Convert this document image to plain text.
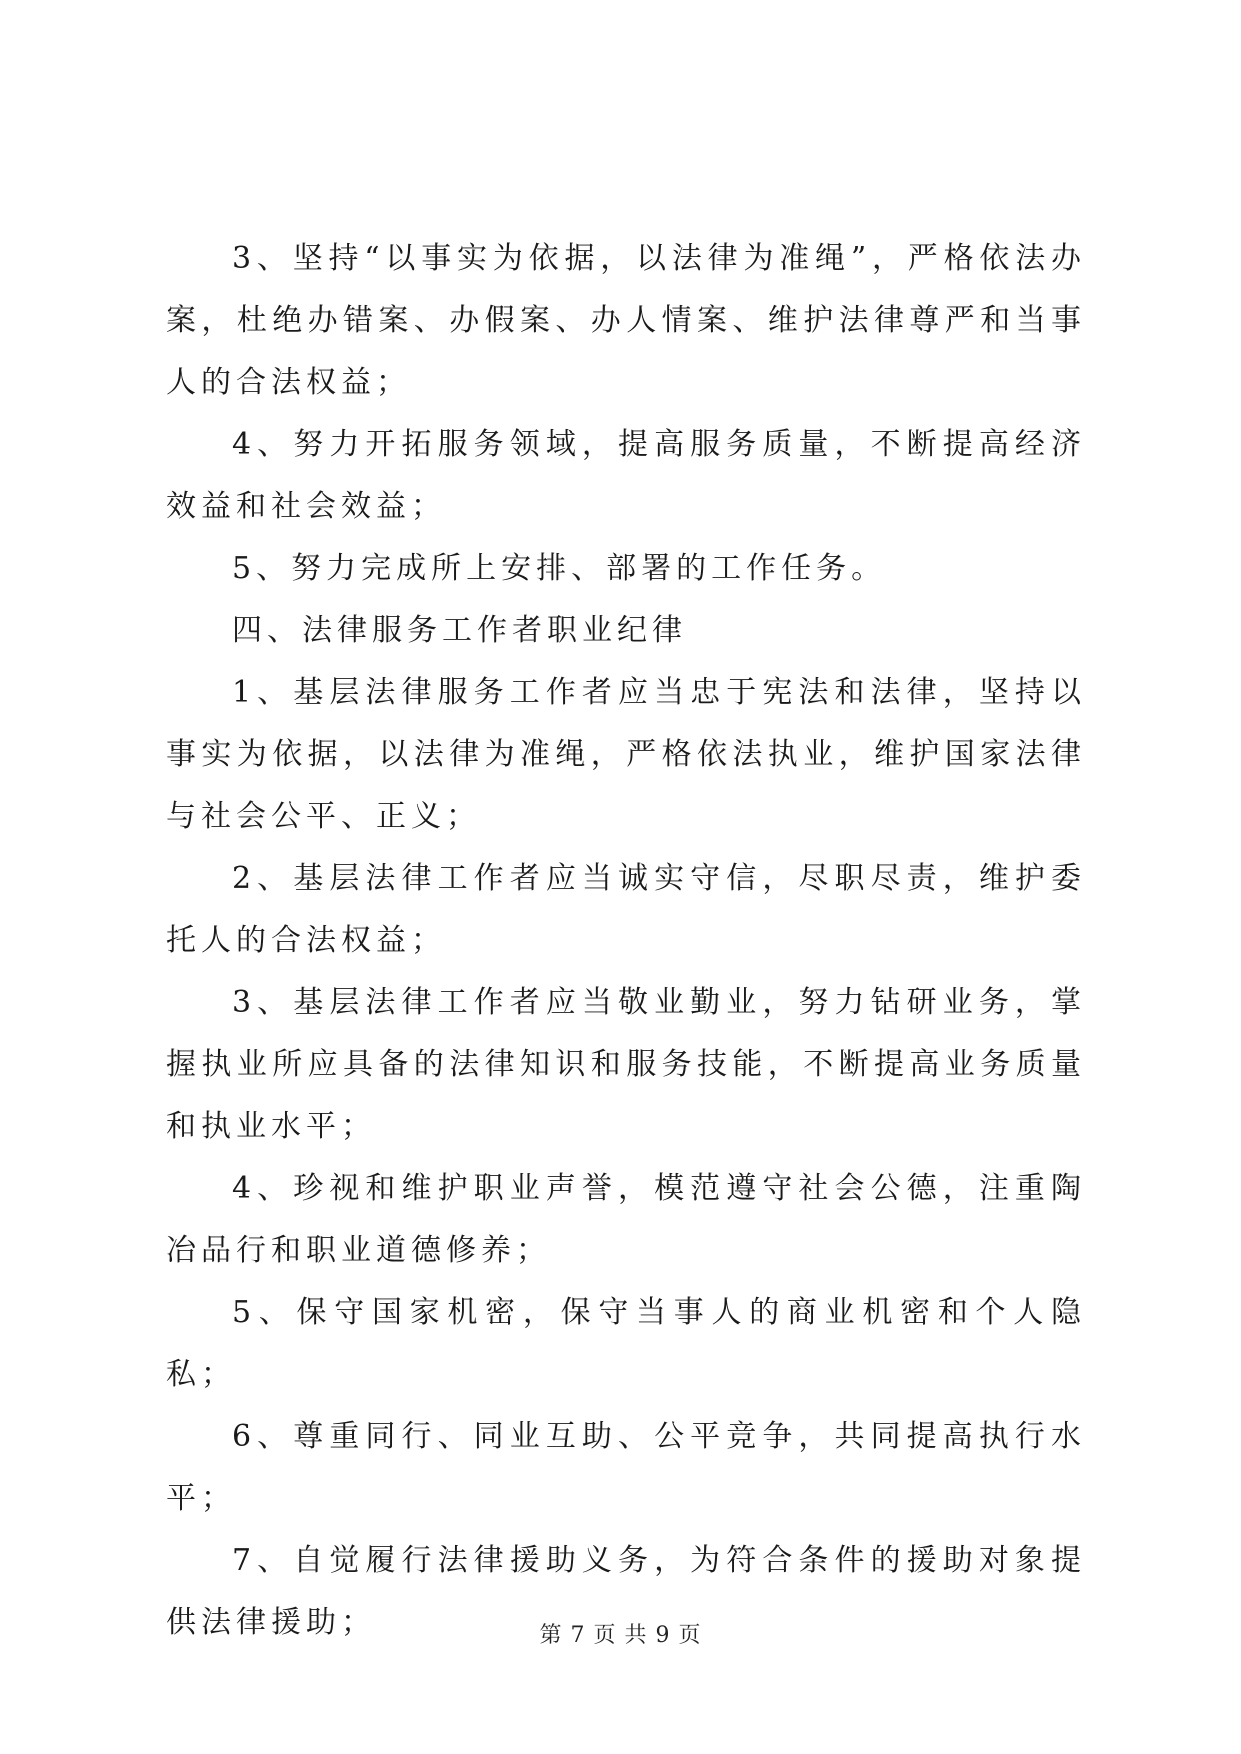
3、坚持“以事实为依据，以法律为准绳”，严格依法办案，杜绝办错案、办假案、办人情案、维护法律尊严和当事人的合法权益；

4、努力开拓服务领域，提高服务质量，不断提高经济效益和社会效益；

5、努力完成所上安排、部署的工作任务。

四、法律服务工作者职业纪律

1、基层法律服务工作者应当忠于宪法和法律，坚持以事实为依据，以法律为准绳，严格依法执业，维护国家法律与社会公平、正义；

2、基层法律工作者应当诚实守信，尽职尽责，维护委托人的合法权益；

3、基层法律工作者应当敬业勤业，努力钻研业务，掌握执业所应具备的法律知识和服务技能，不断提高业务质量和执业水平；

4、珍视和维护职业声誉，模范遵守社会公德，注重陶冶品行和职业道德修养；

5、保守国家机密，保守当事人的商业机密和个人隐私；

6、尊重同行、同业互助、公平竞争，共同提高执行水平；

7、自觉履行法律援助义务，为符合条件的援助对象提供法律援助；	第 7 页 共 9 页
